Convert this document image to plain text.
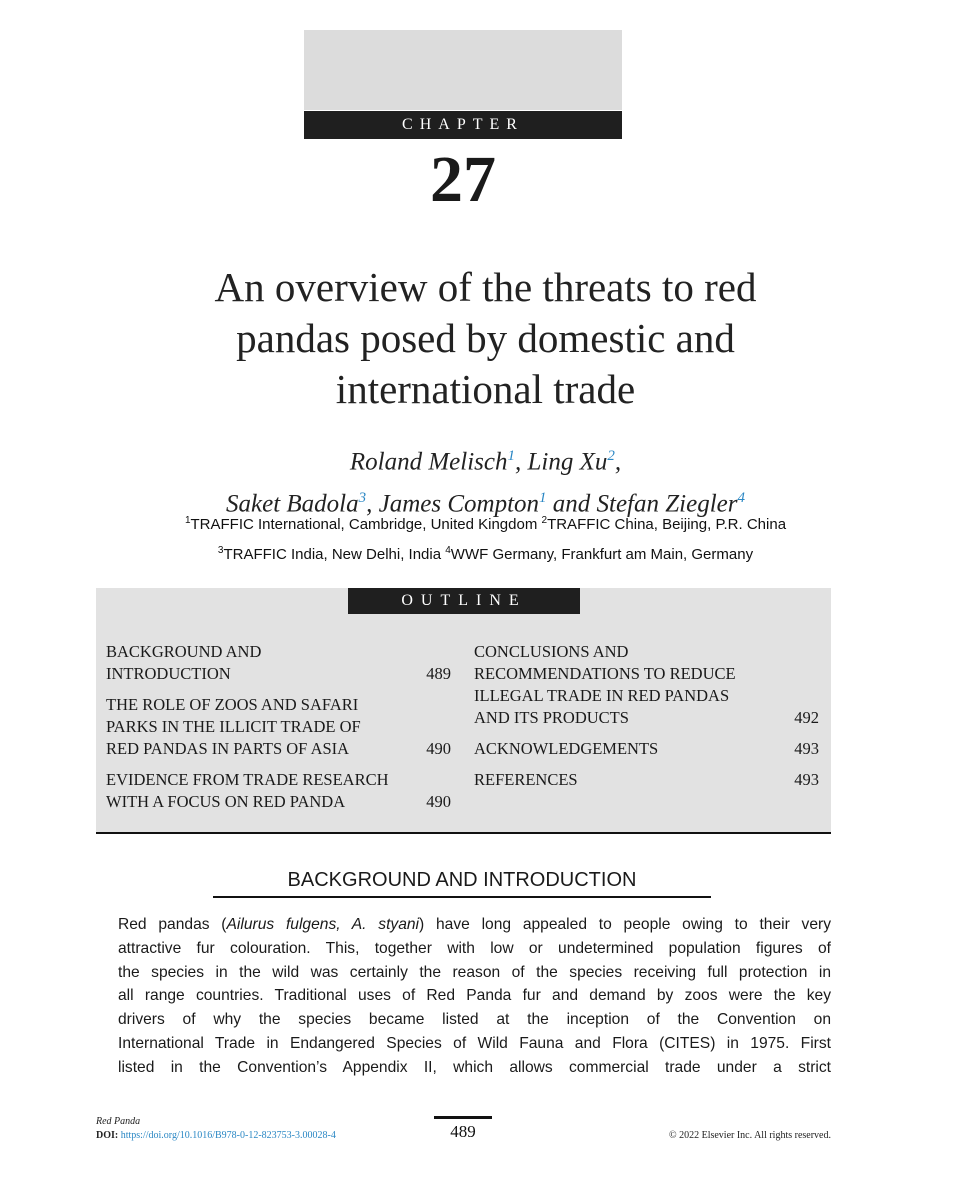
CHAPTER
27
An overview of the threats to red
pandas posed by domestic and
international trade
Roland Melisch$^1$, Ling Xu$^2$,
Saket Badola$^3$, James Compton$^1$ and Stefan Ziegler$^4$
$^1$TRAFFIC International, Cambridge, United Kingdom $^2$TRAFFIC China, Beijing, P.R. China
$^3$TRAFFIC India, New Delhi, India $^4$WWF Germany, Frankfurt am Main, Germany
OUTLINE
BACKGROUND AND
INTRODUCTION	489
THE ROLE OF ZOOS AND SAFARI
PARKS IN THE ILLICIT TRADE OF
RED PANDAS IN PARTS OF ASIA	490
EVIDENCE FROM TRADE RESEARCH
WITH A FOCUS ON RED PANDA	490
CONCLUSIONS AND
RECOMMENDATIONS TO REDUCE
ILLEGAL TRADE IN RED PANDAS
AND ITS PRODUCTS	492
ACKNOWLEDGEMENTS	493
REFERENCES	493
BACKGROUND AND INTRODUCTION
Red pandas (Ailurus fulgens, A. styani) have long appealed to people owing to their very
attractive fur colouration. This, together with low or undetermined population figures of
the species in the wild was certainly the reason of the species receiving full protection in
all range countries. Traditional uses of Red Panda fur and demand by zoos were the key
drivers of why the species became listed at the inception of the Convention on
International Trade in Endangered Species of Wild Fauna and Flora (CITES) in 1975. First
listed in the Convention’s Appendix II, which allows commercial trade under a strict
Red Panda
DOI: https://doi.org/10.1016/B978-0-12-823753-3.00028-4	489	© 2022 Elsevier Inc. All rights reserved.
